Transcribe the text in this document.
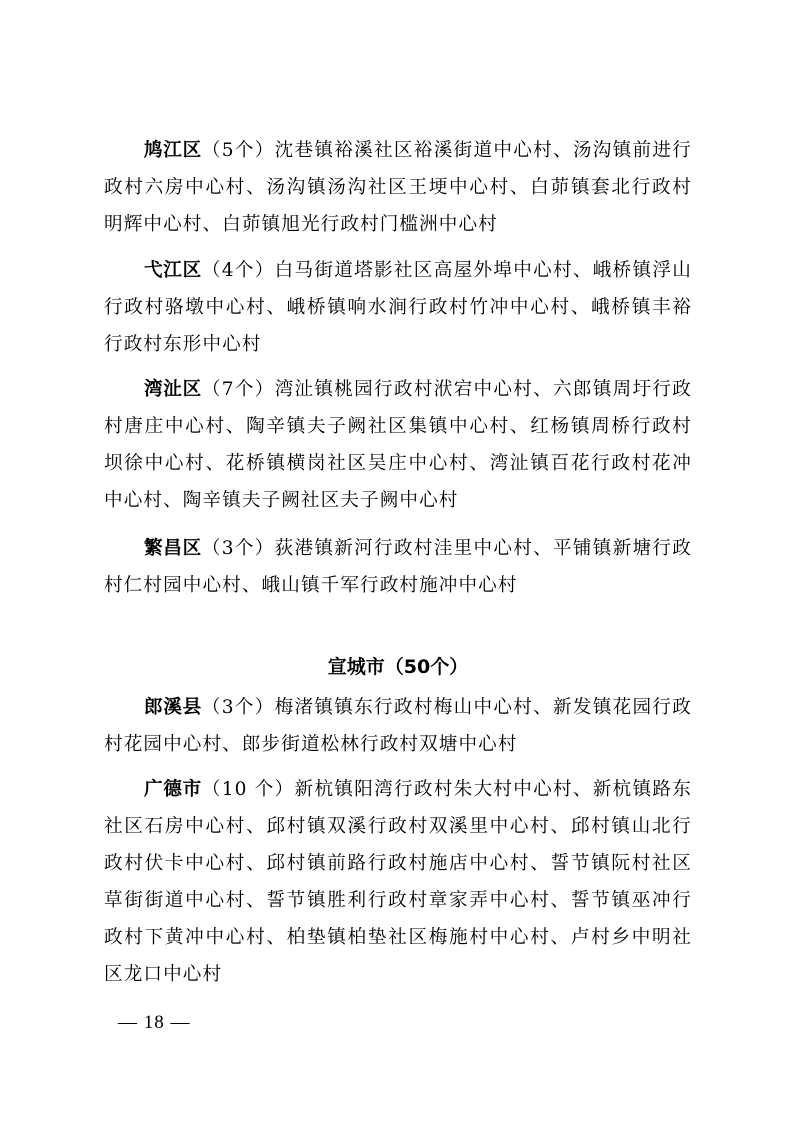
鸠江区（5个）沈巷镇裕溪社区裕溪街道中心村、汤沟镇前进行政村六房中心村、汤沟镇汤沟社区王埂中心村、白茆镇套北行政村明辉中心村、白茆镇旭光行政村门槛洲中心村

弋江区（4个）白马街道塔影社区高屋外埠中心村、峨桥镇浮山行政村骆墩中心村、峨桥镇响水涧行政村竹冲中心村、峨桥镇丰裕行政村东形中心村

湾沚区（7个）湾沚镇桃园行政村洑宕中心村、六郎镇周圩行政村唐庄中心村、陶辛镇夫子阙社区集镇中心村、红杨镇周桥行政村坝徐中心村、花桥镇横岗社区吴庄中心村、湾沚镇百花行政村花冲中心村、陶辛镇夫子阙社区夫子阙中心村

繁昌区（3个）荻港镇新河行政村洼里中心村、平铺镇新塘行政村仁村园中心村、峨山镇千军行政村施冲中心村

宣城市（50个）

郎溪县（3个）梅渚镇镇东行政村梅山中心村、新发镇花园行政村花园中心村、郎步街道松林行政村双塘中心村

广德市（10 个）新杭镇阳湾行政村朱大村中心村、新杭镇路东社区石房中心村、邱村镇双溪行政村双溪里中心村、邱村镇山北行政村伏卡中心村、邱村镇前路行政村施店中心村、誓节镇阮村社区草街街道中心村、誓节镇胜利行政村章家弄中心村、誓节镇巫冲行政村下黄冲中心村、柏垫镇柏垫社区梅施村中心村、卢村乡中明社区龙口中心村

— 18 —
